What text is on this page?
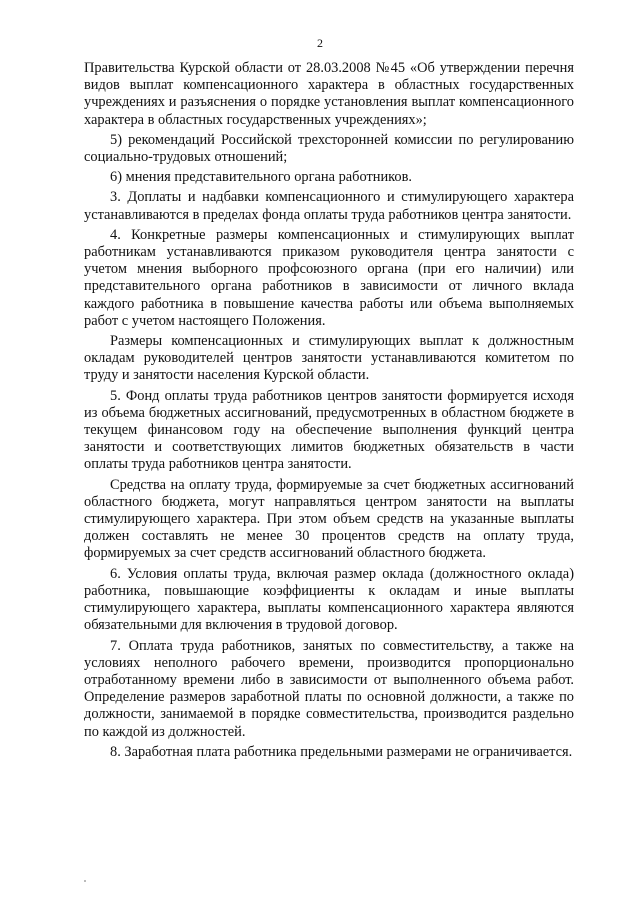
2

Правительства Курской области от 28.03.2008 №45 «Об утверждении перечня видов выплат компенсационного характера в областных государственных учреждениях и разъяснения о порядке установления выплат компенсационного характера в областных государственных учреждениях»;

5) рекомендаций Российской трехсторонней комиссии по регулированию социально-трудовых отношений;

6) мнения представительного органа работников.

3. Доплаты и надбавки компенсационного и стимулирующего характера устанавливаются в пределах фонда оплаты труда работников центра занятости.

4. Конкретные размеры компенсационных и стимулирующих выплат работникам устанавливаются приказом руководителя центра занятости с учетом мнения выборного профсоюзного органа (при его наличии) или представительного органа работников в зависимости от личного вклада каждого работника в повышение качества работы или объема выполняемых работ с учетом настоящего Положения.

Размеры компенсационных и стимулирующих выплат к должностным окладам руководителей центров занятости устанавливаются комитетом по труду и занятости населения Курской области.

5. Фонд оплаты труда работников центров занятости формируется исходя из объема бюджетных ассигнований, предусмотренных в областном бюджете в текущем финансовом году на обеспечение выполнения функций центра занятости и соответствующих лимитов бюджетных обязательств в части оплаты труда работников центра занятости.

Средства на оплату труда, формируемые за счет бюджетных ассигнований областного бюджета, могут направляться центром занятости на выплаты стимулирующего характера. При этом объем средств на указанные выплаты должен составлять не менее 30 процентов средств на оплату труда, формируемых за счет средств ассигнований областного бюджета.

6. Условия оплаты труда, включая размер оклада (должностного оклада) работника, повышающие коэффициенты к окладам и иные выплаты стимулирующего характера, выплаты компенсационного характера являются обязательными для включения в трудовой договор.

7. Оплата труда работников, занятых по совместительству, а также на условиях неполного рабочего времени, производится пропорционально отработанному времени либо в зависимости от выполненного объема работ. Определение размеров заработной платы по основной должности, а также по должности, занимаемой в порядке совместительства, производится раздельно по каждой из должностей.

8. Заработная плата работника предельными размерами не ограничивается.
